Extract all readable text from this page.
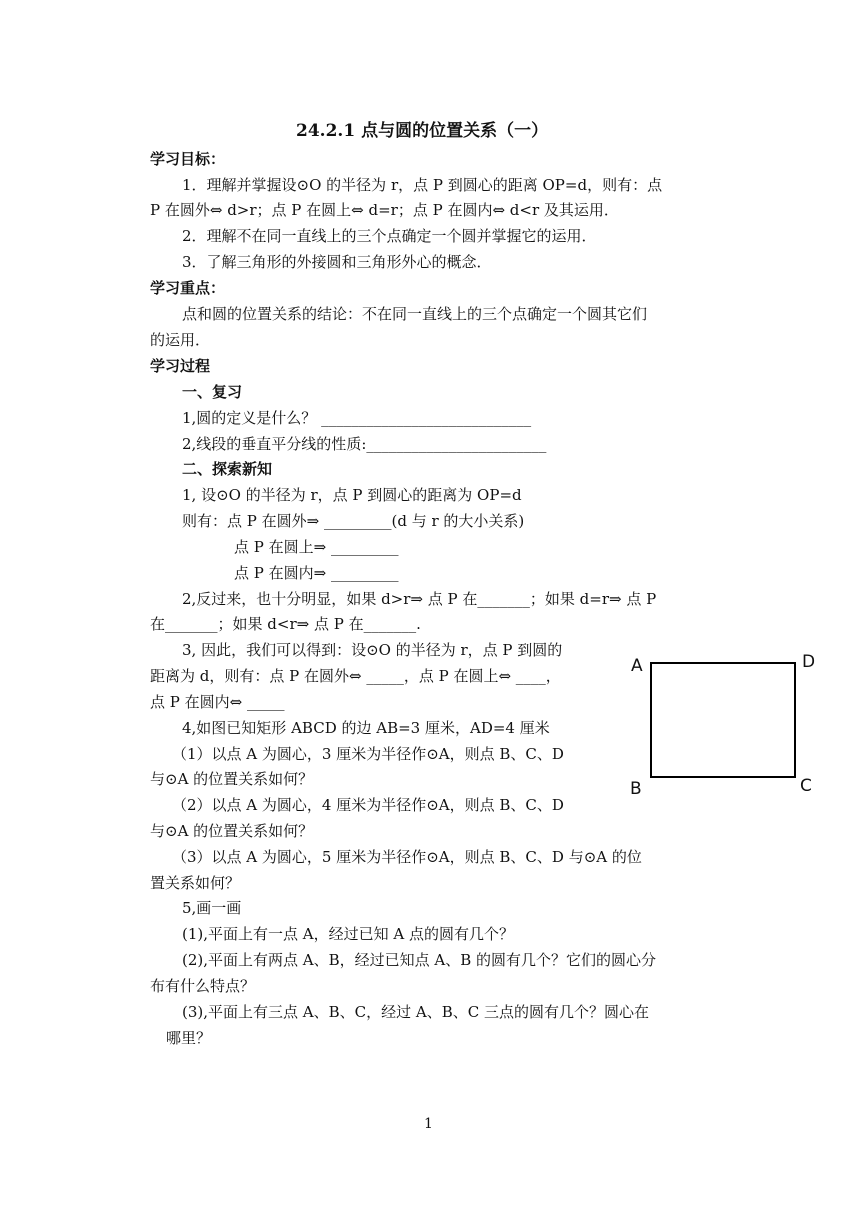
24.2.1 点与圆的位置关系（一）
学习目标：
1．理解并掌握设⊙O 的半径为 r，点 P 到圆心的距离 OP=d，则有：点
P 在圆外⇔ d>r；点 P 在圆上⇔ d=r；点 P 在圆内⇔ d<r 及其运用．
2．理解不在同一直线上的三个点确定一个圆并掌握它的运用．
3．了解三角形的外接圆和三角形外心的概念．
学习重点：
点和圆的位置关系的结论：不在同一直线上的三个点确定一个圆其它们
的运用．
学习过程
一、复习
1,圆的定义是什么？ ____________________________
2,线段的垂直平分线的性质:________________________
二、探索新知
1, 设⊙O 的半径为 r，点 P 到圆心的距离为 OP=d
则有：点 P 在圆外⇒ _________(d 与 r 的大小关系)
点 P 在圆上⇒ _________
点 P 在圆内⇒ _________
2,反过来，也十分明显，如果 d>r⇒ 点 P 在_______；如果 d=r⇒ 点 P
在_______；如果 d<r⇒ 点 P 在_______.
3, 因此，我们可以得到：设⊙O 的半径为 r，点 P 到圆的
距离为 d，则有：点 P 在圆外⇔ _____，点 P 在圆上⇔ ____，
点 P 在圆内⇔ _____
4,如图已知矩形 ABCD 的边 AB=3 厘米，AD=4 厘米
（1）以点 A 为圆心，3 厘米为半径作⊙A，则点 B、C、D
与⊙A 的位置关系如何？
（2）以点 A 为圆心，4 厘米为半径作⊙A，则点 B、C、D
与⊙A 的位置关系如何？
（3）以点 A 为圆心，5 厘米为半径作⊙A，则点 B、C、D 与⊙A 的位
置关系如何？
5,画一画
(1),平面上有一点 A，经过已知 A 点的圆有几个？
(2),平面上有两点 A、B，经过已知点 A、B 的圆有几个？它们的圆心分
布有什么特点？
(3),平面上有三点 A、B、C，经过 A、B、C 三点的圆有几个？圆心在
哪里？
A	D
B	C
1
